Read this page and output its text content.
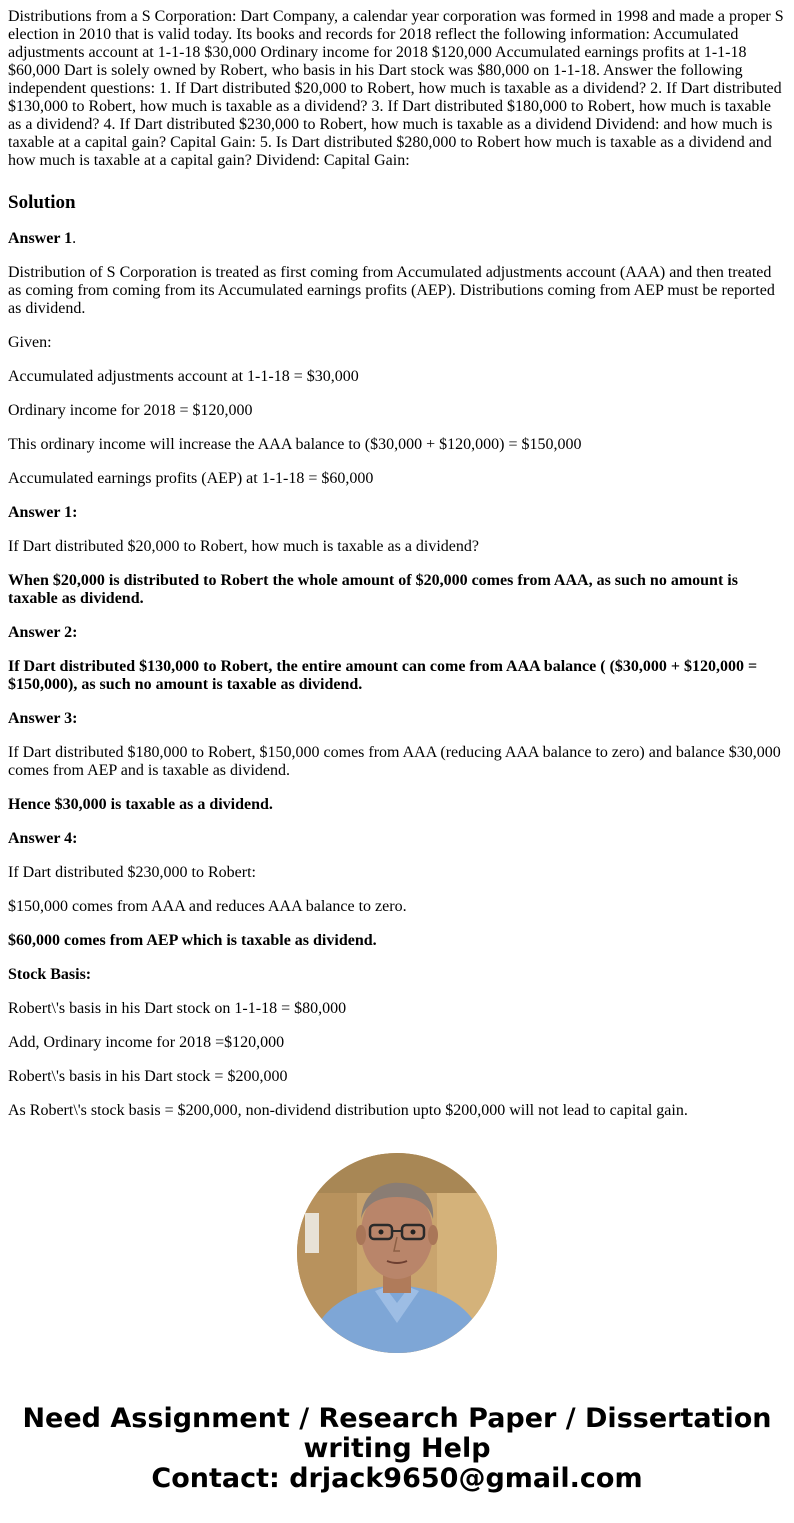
Distributions from a S Corporation: Dart Company, a calendar year corporation was formed in 1998 and made a proper S election in 2010 that is valid today. Its books and records for 2018 reflect the following information: Accumulated adjustments account at 1-1-18 $30,000 Ordinary income for 2018 $120,000 Accumulated earnings profits at 1-1-18 $60,000 Dart is solely owned by Robert, who basis in his Dart stock was $80,000 on 1-1-18. Answer the following independent questions: 1. If Dart distributed $20,000 to Robert, how much is taxable as a dividend? 2. If Dart distributed $130,000 to Robert, how much is taxable as a dividend? 3. If Dart distributed $180,000 to Robert, how much is taxable as a dividend? 4. If Dart distributed $230,000 to Robert, how much is taxable as a dividend Dividend: and how much is taxable at a capital gain? Capital Gain: 5. Is Dart distributed $280,000 to Robert how much is taxable as a dividend and how much is taxable at a capital gain? Dividend: Capital Gain:
Solution

Answer 1.

Distribution of S Corporation is treated as first coming from Accumulated adjustments account (AAA) and then treated as coming from coming from its Accumulated earnings profits (AEP). Distributions coming from AEP must be reported as dividend.

Given:

Accumulated adjustments account at 1-1-18 = $30,000

Ordinary income for 2018 = $120,000

This ordinary income will increase the AAA balance to ($30,000 + $120,000) = $150,000

Accumulated earnings profits (AEP) at 1-1-18 = $60,000

Answer 1:

If Dart distributed $20,000 to Robert, how much is taxable as a dividend?

When $20,000 is distributed to Robert the whole amount of $20,000 comes from AAA, as such no amount is taxable as dividend.

Answer 2:

If Dart distributed $130,000 to Robert, the entire amount can come from AAA balance ( ($30,000 + $120,000 = $150,000), as such no amount is taxable as dividend.

Answer 3:

If Dart distributed $180,000 to Robert, $150,000 comes from AAA (reducing AAA balance to zero) and balance $30,000 comes from AEP and is taxable as dividend.

Hence $30,000 is taxable as a dividend.

Answer 4:

If Dart distributed $230,000 to Robert:

$150,000 comes from AAA and reduces AAA balance to zero.

$60,000 comes from AEP which is taxable as dividend.

Stock Basis:

Robert\'s basis in his Dart stock on 1-1-18 = $80,000

Add, Ordinary income for 2018 =$120,000

Robert\'s basis in his Dart stock = $200,000

As Robert\'s stock basis = $200,000, non-dividend distribution upto $200,000 will not lead to capital gain.

Need Assignment / Research Paper / Dissertation
writing Help
Contact: drjack9650@gmail.com
